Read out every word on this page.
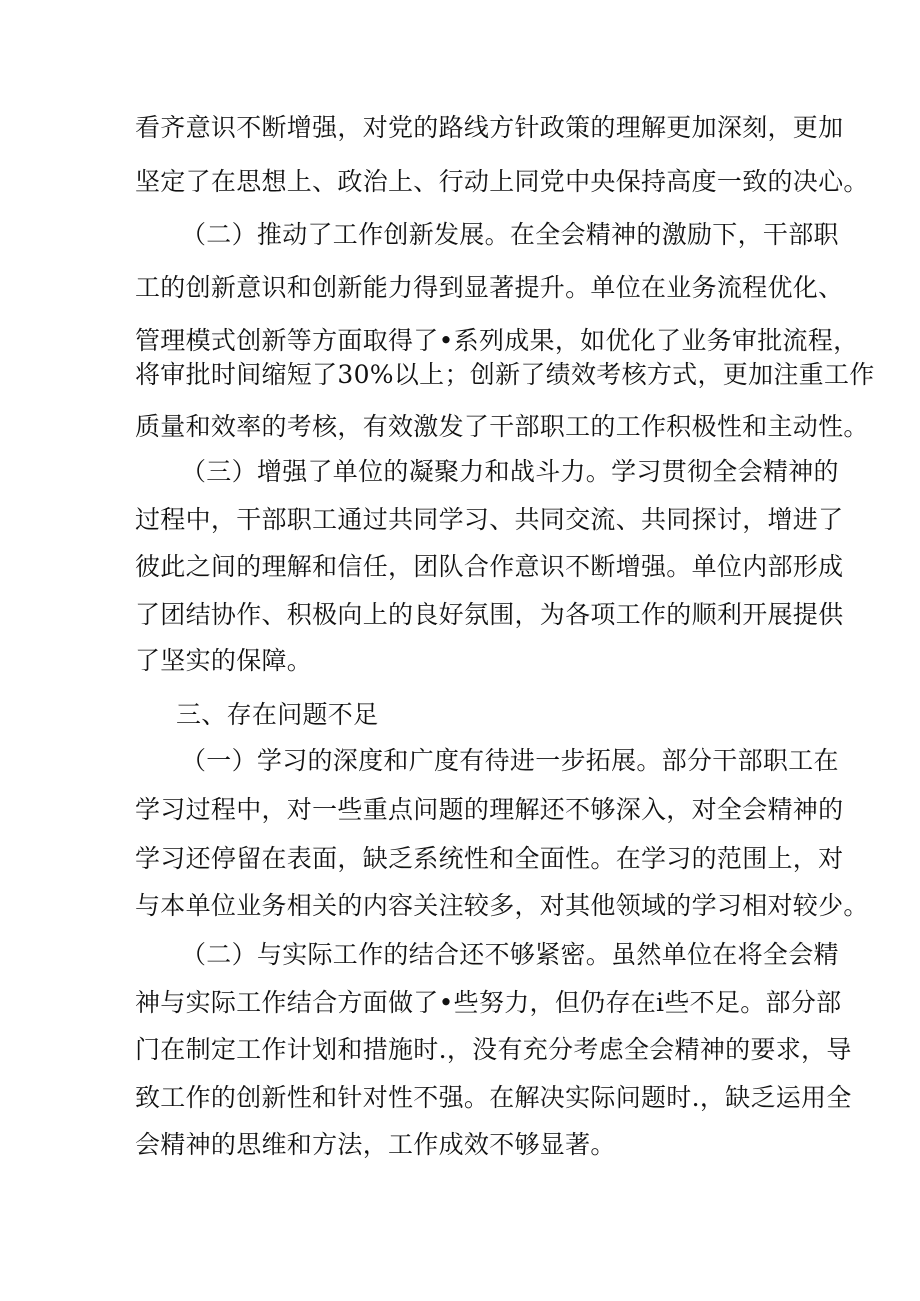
看齐意识不断增强，对党的路线方针政策的理解更加深刻，更加
坚定了在思想上、政治上、行动上同党中央保持高度一致的决心。
（二）推动了工作创新发展。在全会精神的激励下，干部职
工的创新意识和创新能力得到显著提升。单位在业务流程优化、
管理模式创新等方面取得了•系列成果，如优化了业务审批流程，
将审批时间缩短了30%以上；创新了绩效考核方式，更加注重工作
质量和效率的考核，有效激发了干部职工的工作积极性和主动性。
（三）增强了单位的凝聚力和战斗力。学习贯彻全会精神的
过程中，干部职工通过共同学习、共同交流、共同探讨，增进了
彼此之间的理解和信任，团队合作意识不断增强。单位内部形成
了团结协作、积极向上的良好氛围，为各项工作的顺利开展提供
了坚实的保障。
三、存在问题不足
（一）学习的深度和广度有待进一步拓展。部分干部职工在
学习过程中，对一些重点问题的理解还不够深入，对全会精神的
学习还停留在表面，缺乏系统性和全面性。在学习的范围上，对
与本单位业务相关的内容关注较多，对其他领域的学习相对较少。
（二）与实际工作的结合还不够紧密。虽然单位在将全会精
神与实际工作结合方面做了•些努力，但仍存在i些不足。部分部
门在制定工作计划和措施时.，没有充分考虑全会精神的要求，导
致工作的创新性和针对性不强。在解决实际问题时.，缺乏运用全
会精神的思维和方法，工作成效不够显著。
